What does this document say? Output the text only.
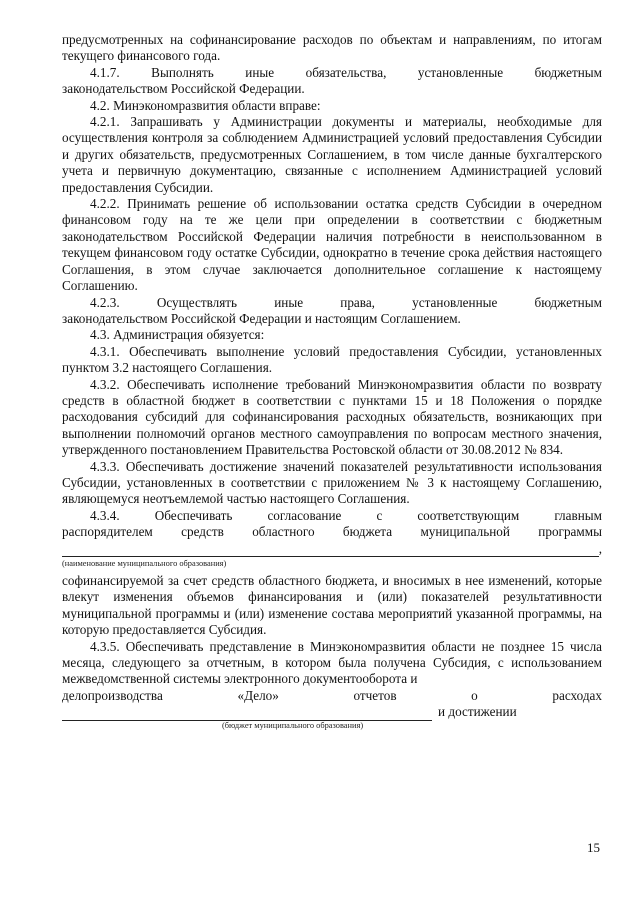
предусмотренных на софинансирование расходов по объектам и направлениям, по итогам текущего финансового года.

4.1.7. Выполнять иные обязательства, установленные бюджетным

законодательством Российской Федерации.

4.2. Минэкономразвития области вправе:

4.2.1. Запрашивать у Администрации документы и материалы, необходимые для осуществления контроля за соблюдением Администрацией условий предоставления Субсидии и других обязательств, предусмотренных Соглашением, в том числе данные бухгалтерского учета и первичную документацию, связанные с исполнением Администрацией условий предоставления Субсидии.

4.2.2. Принимать решение об использовании остатка средств Субсидии в очередном финансовом году на те же цели при определении в соответствии с бюджетным законодательством Российской Федерации наличия потребности в неиспользованном в текущем финансовом году остатке Субсидии, однократно в течение срока действия настоящего Соглашения, в этом случае заключается дополнительное соглашение к настоящему Соглашению.

4.2.3.	Осуществлять	иные	права,	установленные	бюджетным

законодательством Российской Федерации и настоящим Соглашением.

4.3. Администрация обязуется:

4.3.1. Обеспечивать выполнение условий предоставления Субсидии, установленных пунктом 3.2 настоящего Соглашения.

4.3.2. Обеспечивать исполнение требований Минэкономразвития области по возврату средств в областной бюджет в соответствии с пунктами 15 и 18 Положения о порядке расходования субсидий для софинансирования расходных обязательств, возникающих при выполнении полномочий органов местного самоуправления по вопросам местного значения, утвержденного постановлением Правительства Ростовской области от 30.08.2012 № 834.

4.3.3. Обеспечивать достижение значений показателей результативности использования Субсидии, установленных в соответствии с приложением № 3 к настоящему Соглашению, являющемуся неотъемлемой частью настоящего Соглашения.

4.3.4.	Обеспечивать	согласование	с	соответствующим	главным
распорядителем средств областного бюджета муниципальной программы
,
(наименование муниципального образования)

софинансируемой за счет средств областного бюджета, и вносимых в нее изменений, которые влекут изменения объемов финансирования и (или) показателей результативности муниципальной программы и (или) изменение состава мероприятий указанной программы, на которую предоставляется Субсидия.

4.3.5. Обеспечивать представление в Минэкономразвития области не позднее 15 числа месяца, следующего за отчетным, в котором была получена Субсидия, с использованием межведомственной системы электронного документооборота и

делопроизводства	«Дело»	отчетов	о	расходах
и достижении
(бюджет муниципального образования)
15
